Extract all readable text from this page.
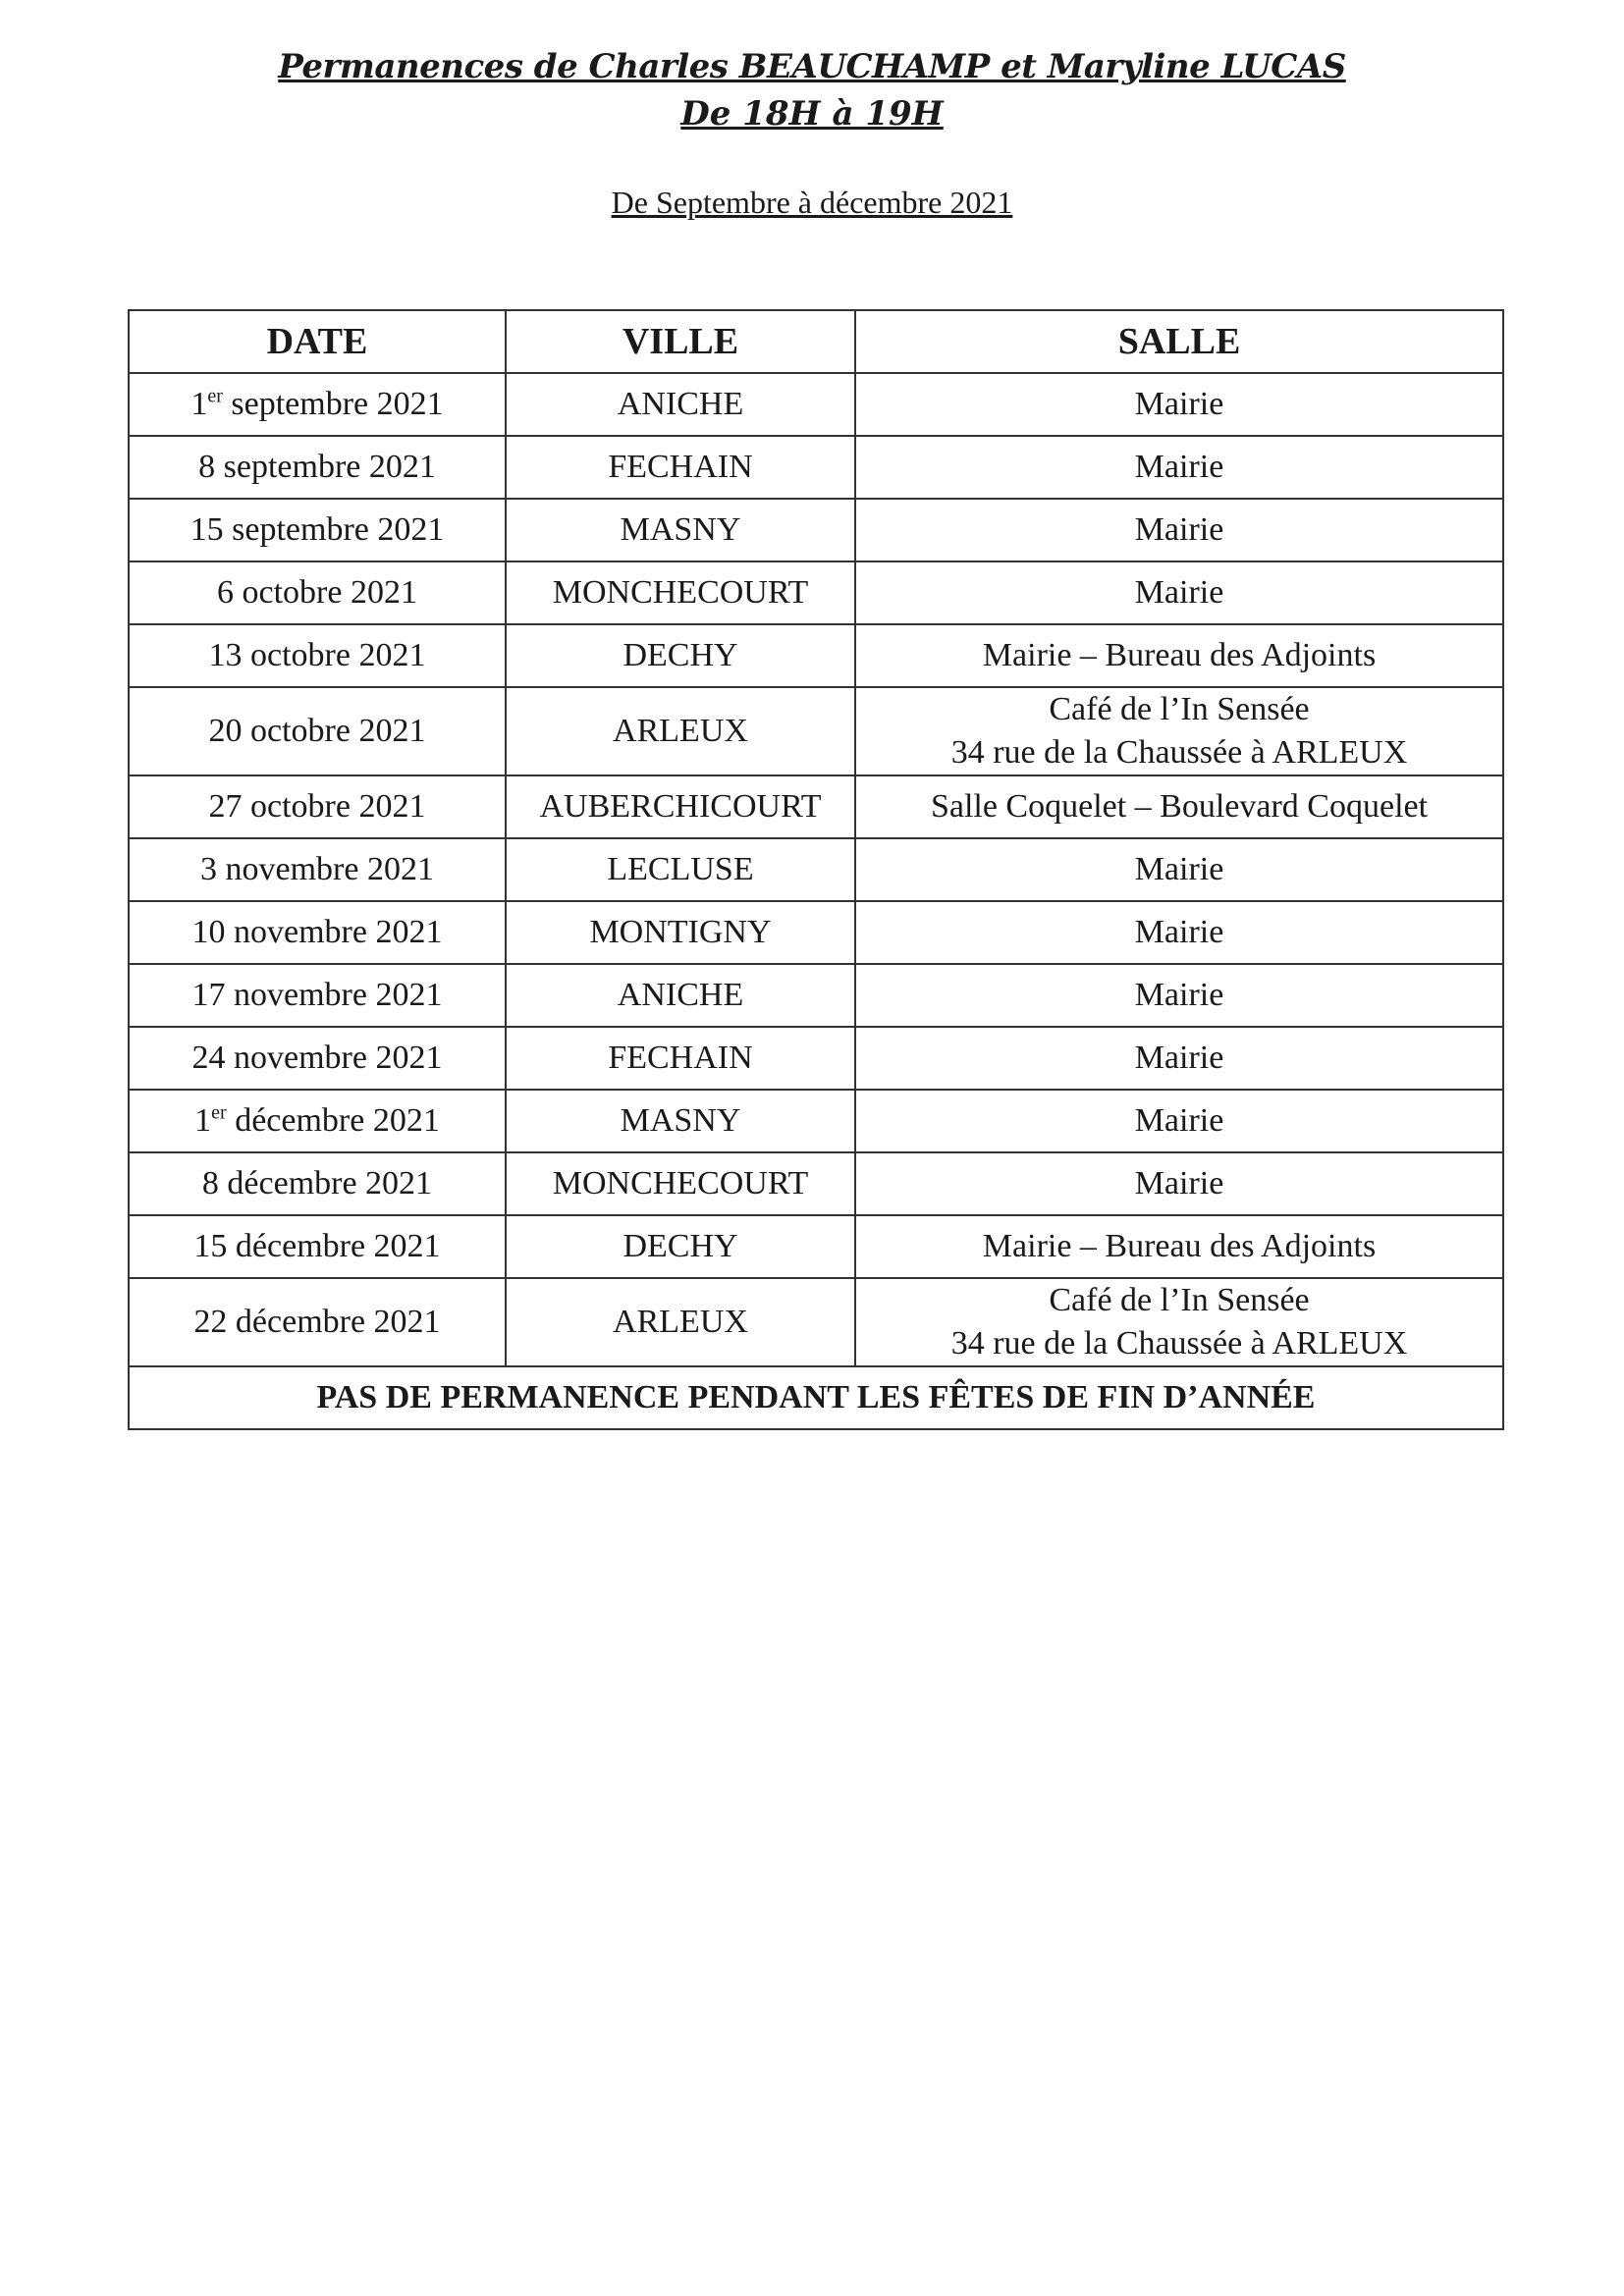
Permanences de Charles BEAUCHAMP et Maryline LUCAS
De 18H à 19H
De Septembre à décembre 2021
DATE	VILLE	SALLE
1er septembre 2021	ANICHE	Mairie

8 septembre 2021	FECHAIN	Mairie

15 septembre 2021	MASNY	Mairie

6 octobre 2021	MONCHECOURT	Mairie

13 octobre 2021	DECHY	Mairie – Bureau des Adjoints

20 octobre 2021	ARLEUX	Café de l’In Sensée
34 rue de la Chaussée à ARLEUX

27 octobre 2021	AUBERCHICOURT	Salle Coquelet – Boulevard Coquelet

3 novembre 2021	LECLUSE	Mairie

10 novembre 2021	MONTIGNY	Mairie

17 novembre 2021	ANICHE	Mairie

24 novembre 2021	FECHAIN	Mairie

1er décembre 2021	MASNY	Mairie

8 décembre 2021	MONCHECOURT	Mairie

15 décembre 2021	DECHY	Mairie – Bureau des Adjoints

22 décembre 2021	ARLEUX	Café de l’In Sensée
34 rue de la Chaussée à ARLEUX

PAS DE PERMANENCE PENDANT LES FÊTES DE FIN D’ANNÉE		
